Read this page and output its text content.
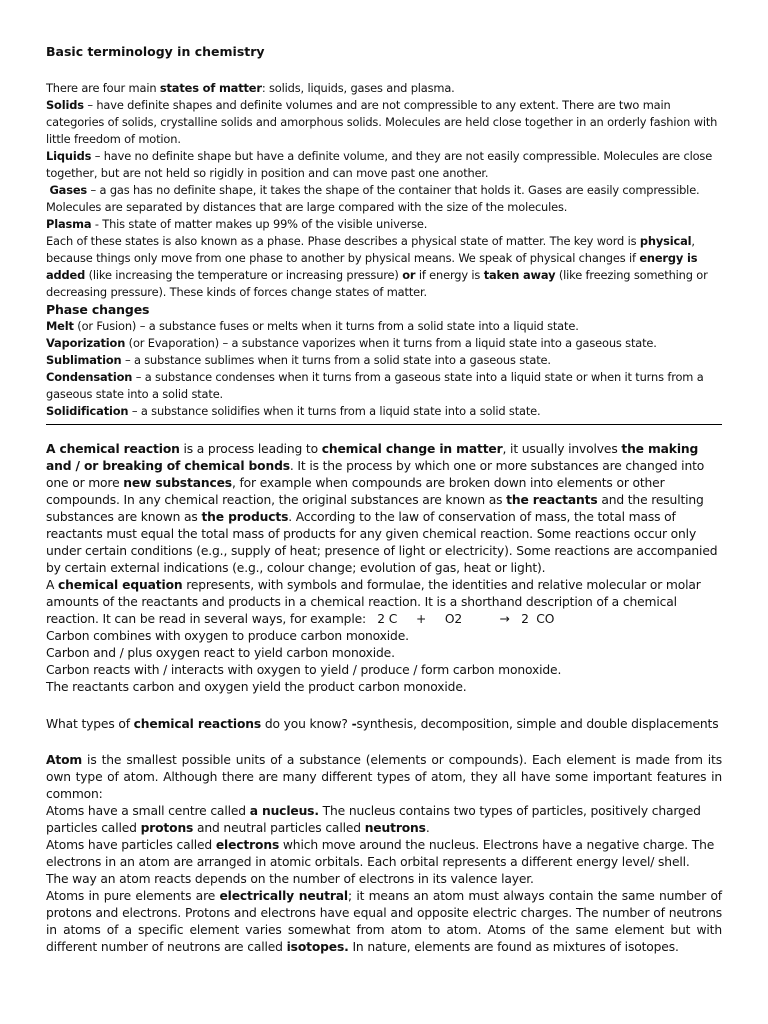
Basic terminology in chemistry

There are four main states of matter: solids, liquids, gases and plasma.

Solids – have definite shapes and definite volumes and are not compressible to any extent. There are two main categories of solids, crystalline solids and amorphous solids. Molecules are held close together in an orderly fashion with little freedom of motion.

Liquids – have no definite shape but have a definite volume, and they are not easily compressible. Molecules are close together, but are not held so rigidly in position and can move past one another.

Gases – a gas has no definite shape, it takes the shape of the container that holds it. Gases are easily compressible. Molecules are separated by distances that are large compared with the size of the molecules.

Plasma - This state of matter makes up 99% of the visible universe.

Each of these states is also known as a phase. Phase describes a physical state of matter. The key word is physical, because things only move from one phase to another by physical means. We speak of physical changes if energy is added (like increasing the temperature or increasing pressure) or if energy is taken away (like freezing something or decreasing pressure). These kinds of forces change states of matter.

Phase changes

Melt (or Fusion) – a substance fuses or melts when it turns from a solid state into a liquid state.

Vaporization (or Evaporation) – a substance vaporizes when it turns from a liquid state into a gaseous state.

Sublimation – a substance sublimes when it turns from a solid state into a gaseous state.

Condensation – a substance condenses when it turns from a gaseous state into a liquid state or when it turns from a gaseous state into a solid state.

Solidification – a substance solidifies when it turns from a liquid state into a solid state.

A chemical reaction is a process leading to chemical change in matter, it usually involves the making and / or breaking of chemical bonds. It is the process by which one or more substances are changed into one or more new substances, for example when compounds are broken down into elements or other compounds. In any chemical reaction, the original substances are known as the reactants and the resulting substances are known as the products. According to the law of conservation of mass, the total mass of reactants must equal the total mass of products for any given chemical reaction. Some reactions occur only under certain conditions (e.g., supply of heat; presence of light or electricity). Some reactions are accompanied by certain external indications (e.g., colour change; evolution of gas, heat or light).

A chemical equation represents, with symbols and formulae, the identities and relative molecular or molar amounts of the reactants and products in a chemical reaction. It is a shorthand description of a chemical reaction. It can be read in several ways, for example: 2 C     +     O2          →   2  CO

Carbon combines with oxygen to produce carbon monoxide.

Carbon and / plus oxygen react to yield carbon monoxide.

Carbon reacts with / interacts with oxygen to yield / produce / form carbon monoxide.

The reactants carbon and oxygen yield the product carbon monoxide.

What types of chemical reactions do you know? -synthesis, decomposition, simple and double displacements

Atom is the smallest possible units of a substance (elements or compounds). Each element is made from its own type of atom. Although there are many different types of atom, they all have some important features in common:

Atoms have a small centre called a nucleus. The nucleus contains two types of particles, positively charged particles called protons and neutral particles called neutrons.

Atoms have particles called electrons which move around the nucleus. Electrons have a negative charge. The electrons in an atom are arranged in atomic orbitals. Each orbital represents a different energy level/ shell.

The way an atom reacts depends on the number of electrons in its valence layer.

Atoms in pure elements are electrically neutral; it means an atom must always contain the same number of protons and electrons. Protons and electrons have equal and opposite electric charges. The number of neutrons in atoms of a specific element varies somewhat from atom to atom. Atoms of the same element but with different number of neutrons are called isotopes. In nature, elements are found as mixtures of isotopes.
